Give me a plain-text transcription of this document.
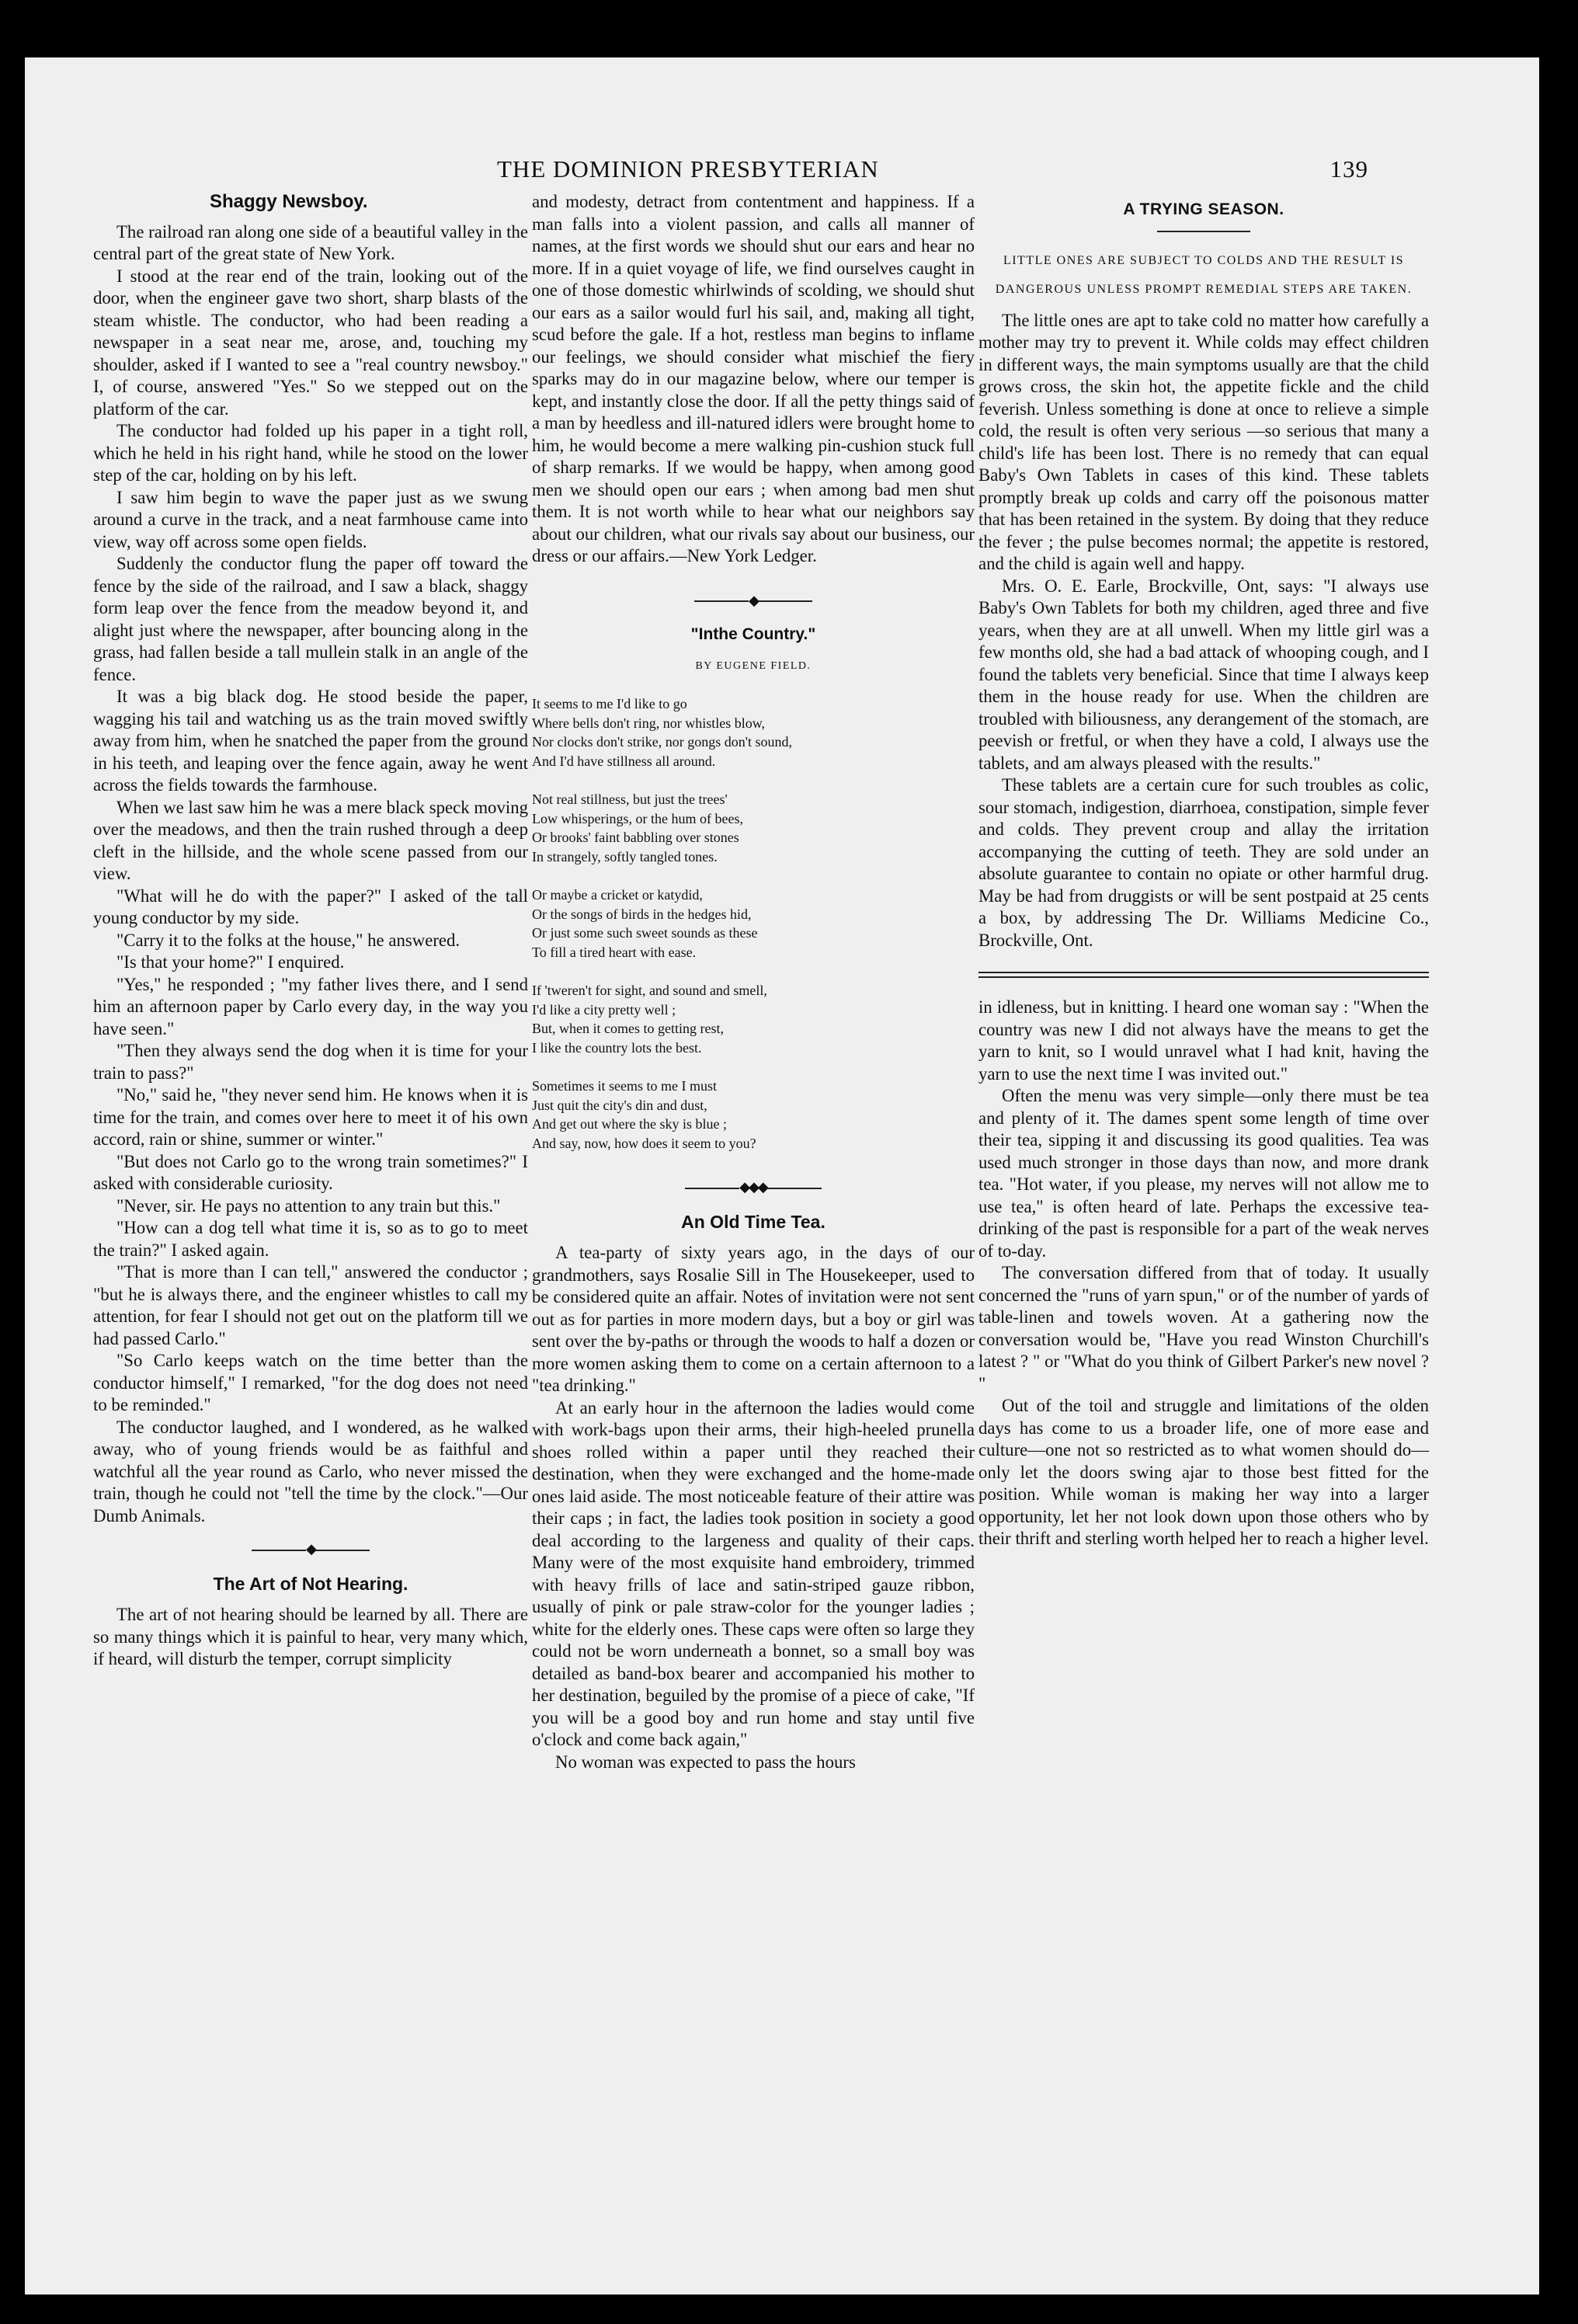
THE DOMINION PRESBYTERIAN	139
Shaggy Newsboy.

The railroad ran along one side of a beautiful valley in the central part of the great state of New York.

I stood at the rear end of the train, looking out of the door, when the engineer gave two short, sharp blasts of the steam whistle. The conductor, who had been reading a newspaper in a seat near me, arose, and, touching my shoulder, asked if I wanted to see a "real country newsboy." I, of course, answered "Yes." So we stepped out on the platform of the car.

The conductor had folded up his paper in a tight roll, which he held in his right hand, while he stood on the lower step of the car, holding on by his left.

I saw him begin to wave the paper just as we swung around a curve in the track, and a neat farmhouse came into view, way off across some open fields.

Suddenly the conductor flung the paper off toward the fence by the side of the railroad, and I saw a black, shaggy form leap over the fence from the meadow beyond it, and alight just where the newspaper, after bouncing along in the grass, had fallen beside a tall mullein stalk in an angle of the fence.

It was a big black dog. He stood beside the paper, wagging his tail and watching us as the train moved swiftly away from him, when he snatched the paper from the ground in his teeth, and leaping over the fence again, away he went across the fields towards the farmhouse.

When we last saw him he was a mere black speck moving over the meadows, and then the train rushed through a deep cleft in the hillside, and the whole scene passed from our view.

"What will he do with the paper?" I asked of the tall young conductor by my side.

"Carry it to the folks at the house," he answered.

"Is that your home?" I enquired.

"Yes," he responded ; "my father lives there, and I send him an afternoon paper by Carlo every day, in the way you have seen."

"Then they always send the dog when it is time for your train to pass?"

"No," said he, "they never send him. He knows when it is time for the train, and comes over here to meet it of his own accord, rain or shine, summer or winter."

"But does not Carlo go to the wrong train sometimes?" I asked with considerable curiosity.

"Never, sir. He pays no attention to any train but this."

"How can a dog tell what time it is, so as to go to meet the train?" I asked again.

"That is more than I can tell," answered the conductor ; "but he is always there, and the engineer whistles to call my attention, for fear I should not get out on the platform till we had passed Carlo."

"So Carlo keeps watch on the time better than the conductor himself," I remarked, "for the dog does not need to be reminded."

The conductor laughed, and I wondered, as he walked away, who of young friends would be as faithful and watchful all the year round as Carlo, who never missed the train, though he could not "tell the time by the clock."—Our Dumb Animals.

◆
The Art of Not Hearing.

The art of not hearing should be learned by all. There are so many things which it is painful to hear, very many which, if heard, will disturb the temper, corrupt simplicity

and modesty, detract from contentment and happiness. If a man falls into a violent passion, and calls all manner of names, at the first words we should shut our ears and hear no more. If in a quiet voyage of life, we find ourselves caught in one of those domestic whirlwinds of scolding, we should shut our ears as a sailor would furl his sail, and, making all tight, scud before the gale. If a hot, restless man begins to inflame our feelings, we should consider what mischief the fiery sparks may do in our magazine below, where our temper is kept, and instantly close the door. If all the petty things said of a man by heedless and ill-natured idlers were brought home to him, he would become a mere walking pin-cushion stuck full of sharp remarks. If we would be happy, when among good men we should open our ears ; when among bad men shut them. It is not worth while to hear what our neighbors say about our children, what our rivals say about our business, our dress or our affairs.—New York Ledger.

◆
"Inthe Country."
BY EUGENE FIELD.
It seems to me I'd like to go
Where bells don't ring, nor whistles blow,
Nor clocks don't strike, nor gongs don't sound,
And I'd have stillness all around.
Not real stillness, but just the trees'
Low whisperings, or the hum of bees,
Or brooks' faint babbling over stones
In strangely, softly tangled tones.
Or maybe a cricket or katydid,
Or the songs of birds in the hedges hid,
Or just some such sweet sounds as these
To fill a tired heart with ease.
If 'tweren't for sight, and sound and smell,
I'd like a city pretty well ;
But, when it comes to getting rest,
I like the country lots the best.
Sometimes it seems to me I must
Just quit the city's din and dust,
And get out where the sky is blue ;
And say, now, how does it seem to you?
◆◆◆
An Old Time Tea.

A tea-party of sixty years ago, in the days of our grandmothers, says Rosalie Sill in The Housekeeper, used to be considered quite an affair. Notes of invitation were not sent out as for parties in more modern days, but a boy or girl was sent over the by-paths or through the woods to half a dozen or more women asking them to come on a certain afternoon to a "tea drinking."

At an early hour in the afternoon the ladies would come with work-bags upon their arms, their high-heeled prunella shoes rolled within a paper until they reached their destination, when they were exchanged and the home-made ones laid aside. The most noticeable feature of their attire was their caps ; in fact, the ladies took position in society a good deal according to the largeness and quality of their caps. Many were of the most exquisite hand embroidery, trimmed with heavy frills of lace and satin-striped gauze ribbon, usually of pink or pale straw-color for the younger ladies ; white for the elderly ones. These caps were often so large they could not be worn underneath a bonnet, so a small boy was detailed as band-box bearer and accompanied his mother to her destination, beguiled by the promise of a piece of cake, "If you will be a good boy and run home and stay until five o'clock and come back again,"

No woman was expected to pass the hours

A TRYING SEASON.
LITTLE ONES ARE SUBJECT TO COLDS AND THE RESULT IS DANGEROUS UNLESS PROMPT REMEDIAL STEPS ARE TAKEN.

The little ones are apt to take cold no matter how carefully a mother may try to prevent it. While colds may effect children in different ways, the main symptoms usually are that the child grows cross, the skin hot, the appetite fickle and the child feverish. Unless something is done at once to relieve a simple cold, the result is often very serious —so serious that many a child's life has been lost. There is no remedy that can equal Baby's Own Tablets in cases of this kind. These tablets promptly break up colds and carry off the poisonous matter that has been retained in the system. By doing that they reduce the fever ; the pulse becomes normal; the appetite is restored, and the child is again well and happy.

Mrs. O. E. Earle, Brockville, Ont, says: "I always use Baby's Own Tablets for both my children, aged three and five years, when they are at all unwell. When my little girl was a few months old, she had a bad attack of whooping cough, and I found the tablets very beneficial. Since that time I always keep them in the house ready for use. When the children are troubled with biliousness, any derangement of the stomach, are peevish or fretful, or when they have a cold, I always use the tablets, and am always pleased with the results."

These tablets are a certain cure for such troubles as colic, sour stomach, indigestion, diarrhoea, constipation, simple fever and colds. They prevent croup and allay the irritation accompanying the cutting of teeth. They are sold under an absolute guarantee to contain no opiate or other harmful drug. May be had from druggists or will be sent postpaid at 25 cents a box, by addressing The Dr. Williams Medicine Co., Brockville, Ont.

in idleness, but in knitting. I heard one woman say : "When the country was new I did not always have the means to get the yarn to knit, so I would unravel what I had knit, having the yarn to use the next time I was invited out."

Often the menu was very simple—only there must be tea and plenty of it. The dames spent some length of time over their tea, sipping it and discussing its good qualities. Tea was used much stronger in those days than now, and more drank tea. "Hot water, if you please, my nerves will not allow me to use tea," is often heard of late. Perhaps the excessive tea-drinking of the past is responsible for a part of the weak nerves of to-day.

The conversation differed from that of today. It usually concerned the "runs of yarn spun," or of the number of yards of table-linen and towels woven. At a gathering now the conversation would be, "Have you read Winston Churchill's latest ? " or "What do you think of Gilbert Parker's new novel ? "

Out of the toil and struggle and limitations of the olden days has come to us a broader life, one of more ease and culture—one not so restricted as to what women should do—only let the doors swing ajar to those best fitted for the position. While woman is making her way into a larger opportunity, let her not look down upon those others who by their thrift and sterling worth helped her to reach a higher level.
